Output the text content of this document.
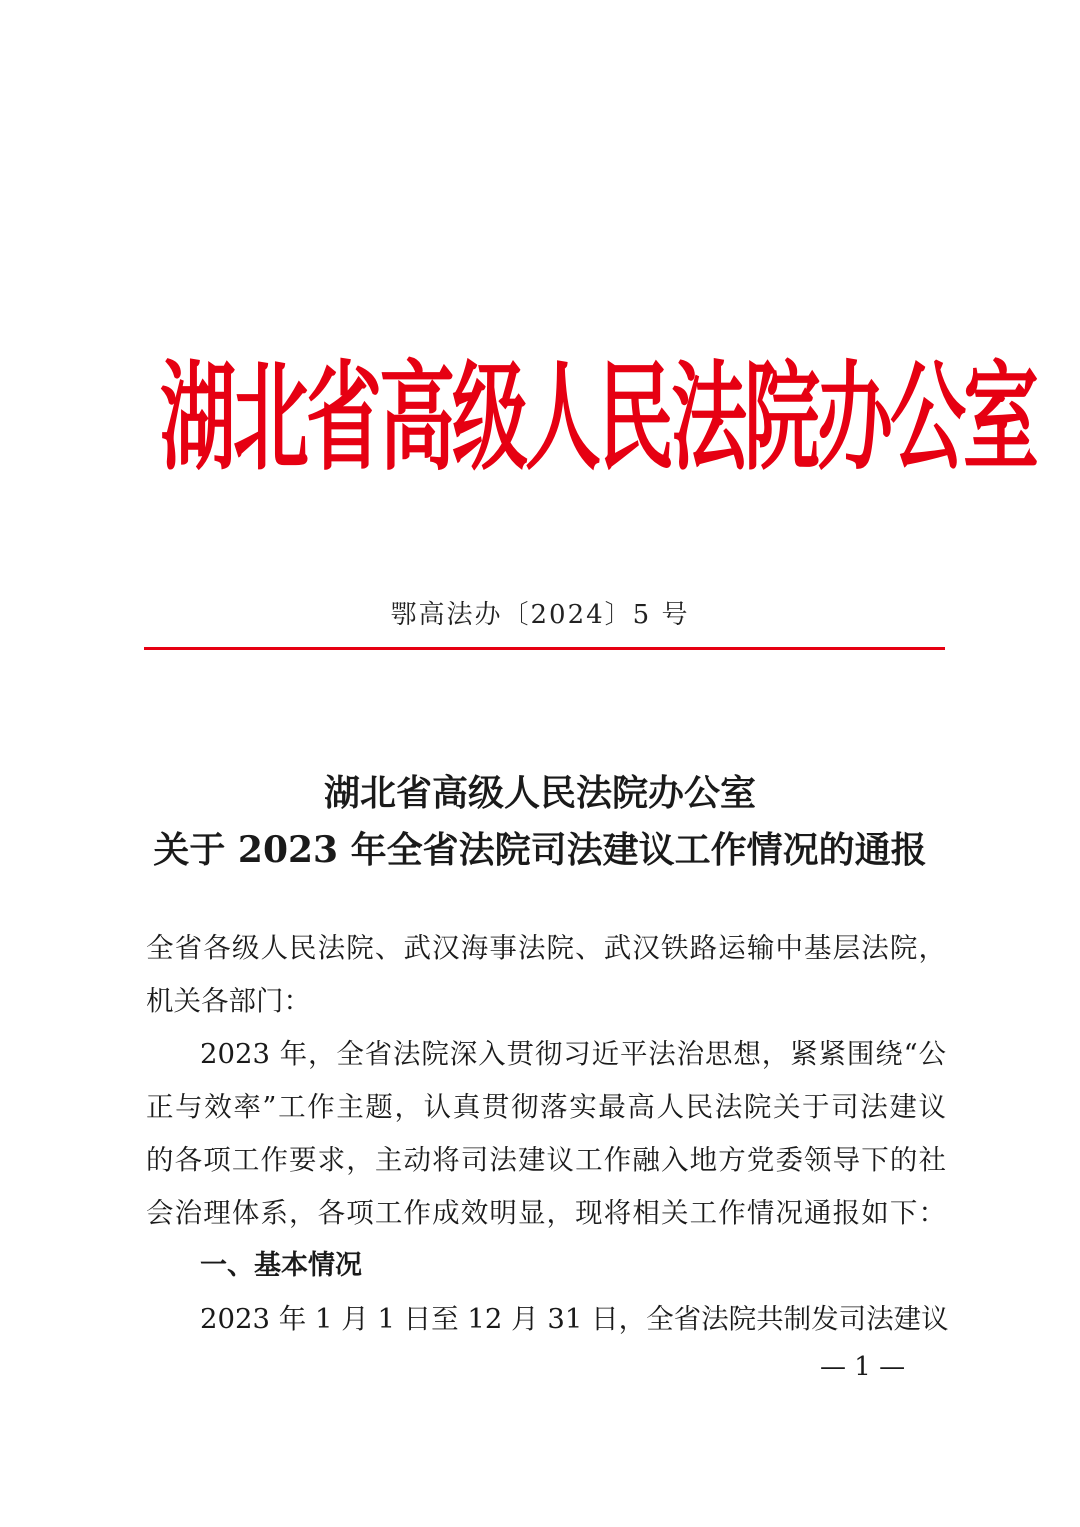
湖北省高级人民法院办公室
鄂高法办〔2024〕5 号
湖北省高级人民法院办公室
关于 2023 年全省法院司法建议工作情况的通报
全省各级人民法院、武汉海事法院、武汉铁路运输中基层法院，
机关各部门：
2023 年，全省法院深入贯彻习近平法治思想，紧紧围绕“公
正与效率”工作主题，认真贯彻落实最高人民法院关于司法建议
的各项工作要求，主动将司法建议工作融入地方党委领导下的社
会治理体系，各项工作成效明显，现将相关工作情况通报如下：
一、基本情况
2023 年 1 月 1 日至 12 月 31 日，全省法院共制发司法建议
— 1 —
